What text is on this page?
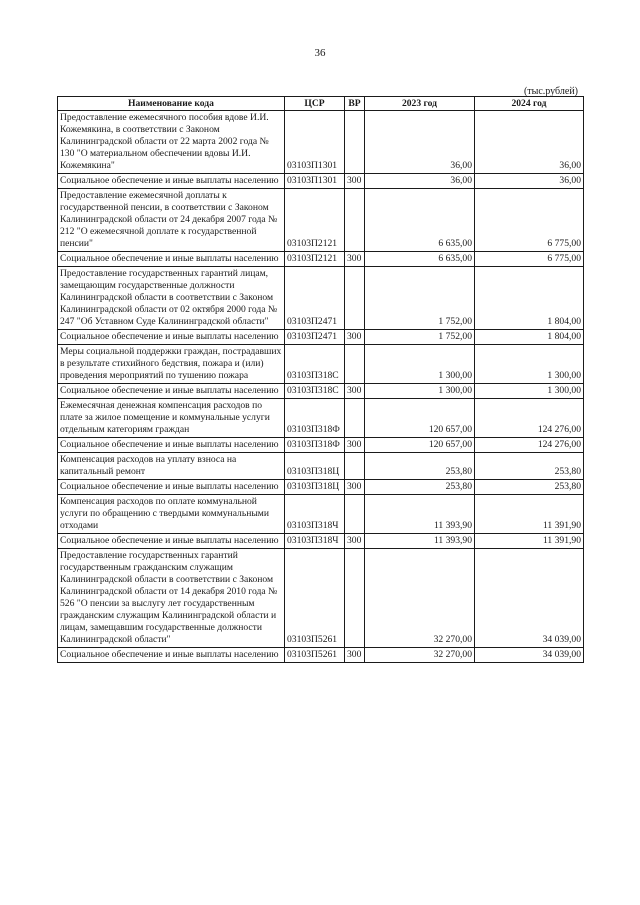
36
(тыс.рублей)
Наименование кода	ЦСР	ВР	2023 год	2024 год
Предоставление ежемесячного пособия вдове И.И. Кожемякина, в соответствии с Законом Калининградской области от 22 марта 2002 года № 130 "О материальном обеспечении вдовы И.И. Кожемякина"	03103П1301		36,00	36,00
Социальное обеспечение и иные выплаты населению	03103П1301	300	36,00	36,00
Предоставление ежемесячной доплаты к государственной пенсии, в соответствии с Законом Калининградской области от 24 декабря 2007 года № 212 "О ежемесячной доплате к государственной пенсии"	03103П2121		6 635,00	6 775,00
Социальное обеспечение и иные выплаты населению	03103П2121	300	6 635,00	6 775,00
Предоставление государственных гарантий лицам, замещающим государственные должности Калининградской области в соответствии с Законом Калининградской области от 02 октября 2000 года № 247 "Об Уставном Суде Калининградской области"	03103П2471		1 752,00	1 804,00
Социальное обеспечение и иные выплаты населению	03103П2471	300	1 752,00	1 804,00
Меры социальной поддержки граждан, пострадавших в результате стихийного бедствия, пожара и (или) проведения мероприятий по тушению пожара	03103П318С		1 300,00	1 300,00
Социальное обеспечение и иные выплаты населению	03103П318С	300	1 300,00	1 300,00
Ежемесячная денежная компенсация расходов по плате за жилое помещение и коммунальные услуги отдельным категориям граждан	03103П318Ф		120 657,00	124 276,00
Социальное обеспечение и иные выплаты населению	03103П318Ф	300	120 657,00	124 276,00
Компенсация расходов на уплату взноса на капитальный ремонт	03103П318Ц		253,80	253,80
Социальное обеспечение и иные выплаты населению	03103П318Ц	300	253,80	253,80
Компенсация расходов по оплате коммунальной услуги по обращению с твердыми коммунальными отходами	03103П318Ч		11 393,90	11 391,90
Социальное обеспечение и иные выплаты населению	03103П318Ч	300	11 393,90	11 391,90
Предоставление государственных гарантий государственным гражданским служащим Калининградской области в соответствии с Законом Калининградской области от 14 декабря 2010 года № 526 "О пенсии за выслугу лет государственным гражданским служащим Калининградской области и лицам, замещавшим государственные должности Калининградской области"	03103П5261		32 270,00	34 039,00
Социальное обеспечение и иные выплаты населению	03103П5261	300	32 270,00	34 039,00
